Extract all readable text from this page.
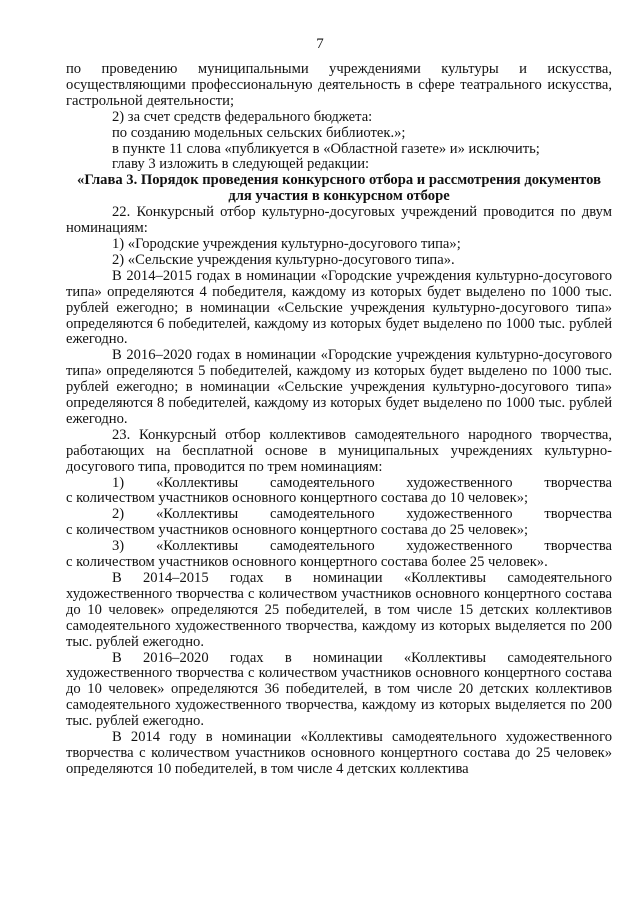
7

по проведению муниципальными учреждениями культуры и искусства, осуществляющими профессиональную деятельность в сфере театрального искусства, гастрольной деятельности;

2) за счет средств федерального бюджета:

по созданию модельных сельских библиотек.»;

в пункте 11 слова «публикуется в «Областной газете» и» исключить;

главу 3 изложить в следующей редакции:

«Глава 3. Порядок проведения конкурсного отбора и рассмотрения документов для участия в конкурсном отборе

22. Конкурсный отбор культурно-досуговых учреждений проводится по двум номинациям:

1) «Городские учреждения культурно-досугового типа»;

2) «Сельские учреждения культурно-досугового типа».

В 2014–2015 годах в номинации «Городские учреждения культурно-досугового типа» определяются 4 победителя, каждому из которых будет выделено по 1000 тыс. рублей ежегодно; в номинации «Сельские учреждения культурно-досугового типа» определяются 6 победителей, каждому из которых будет выделено по 1000 тыс. рублей ежегодно.

В 2016–2020 годах в номинации «Городские учреждения культурно-досугового типа» определяются 5 победителей, каждому из которых будет выделено по 1000 тыс. рублей ежегодно; в номинации «Сельские учреждения культурно-досугового типа» определяются 8 победителей, каждому из которых будет выделено по 1000 тыс. рублей ежегодно.

23. Конкурсный отбор коллективов самодеятельного народного творчества, работающих на бесплатной основе в муниципальных учреждениях культурно-досугового типа, проводится по трем номинациям:

1) «Коллективы самодеятельного художественного творчества

с количеством участников основного концертного состава до 10 человек»;

2) «Коллективы самодеятельного художественного творчества

с количеством участников основного концертного состава до 25 человек»;

3) «Коллективы самодеятельного художественного творчества

с количеством участников основного концертного состава более 25 человек».

В 2014–2015 годах в номинации «Коллективы самодеятельного художественного творчества с количеством участников основного концертного состава до 10 человек» определяются 25 победителей, в том числе 15 детских коллективов самодеятельного художественного творчества, каждому из которых выделяется по 200 тыс. рублей ежегодно.

В 2016–2020 годах в номинации «Коллективы самодеятельного художественного творчества с количеством участников основного концертного состава до 10 человек» определяются 36 победителей, в том числе 20 детских коллективов самодеятельного художественного творчества, каждому из которых выделяется по 200 тыс. рублей ежегодно.

В 2014 году в номинации «Коллективы самодеятельного художественного творчества с количеством участников основного концертного состава до 25 человек» определяются 10 победителей, в том числе 4 детских коллектива
